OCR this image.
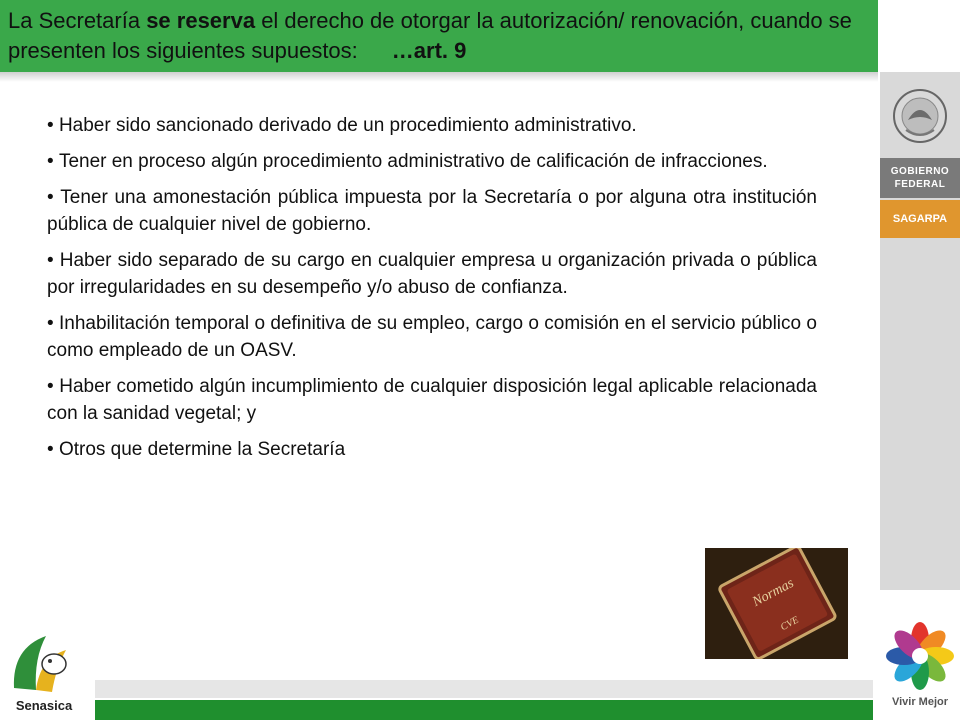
La Secretaría se reserva el derecho de otorgar la autorización/ renovación, cuando se presenten los siguientes supuestos: …art. 9
GOBIERNO
FEDERAL
SAGARPA
Vivir Mejor
• Haber sido sancionado derivado de un procedimiento administrativo.
• Tener en proceso algún procedimiento administrativo de calificación de infracciones.
• Tener una amonestación pública impuesta por la Secretaría o por alguna otra institución pública de cualquier nivel de gobierno.
• Haber sido separado de su cargo en cualquier empresa u organización privada o pública por irregularidades en su desempeño y/o abuso de confianza.
• Inhabilitación temporal o definitiva de su empleo, cargo o comisión en el servicio público o como empleado de un OASV.
• Haber cometido algún incumplimiento de cualquier disposición legal aplicable relacionada con la sanidad vegetal; y
• Otros que determine la Secretaría
Normas
CVE
Senasica
